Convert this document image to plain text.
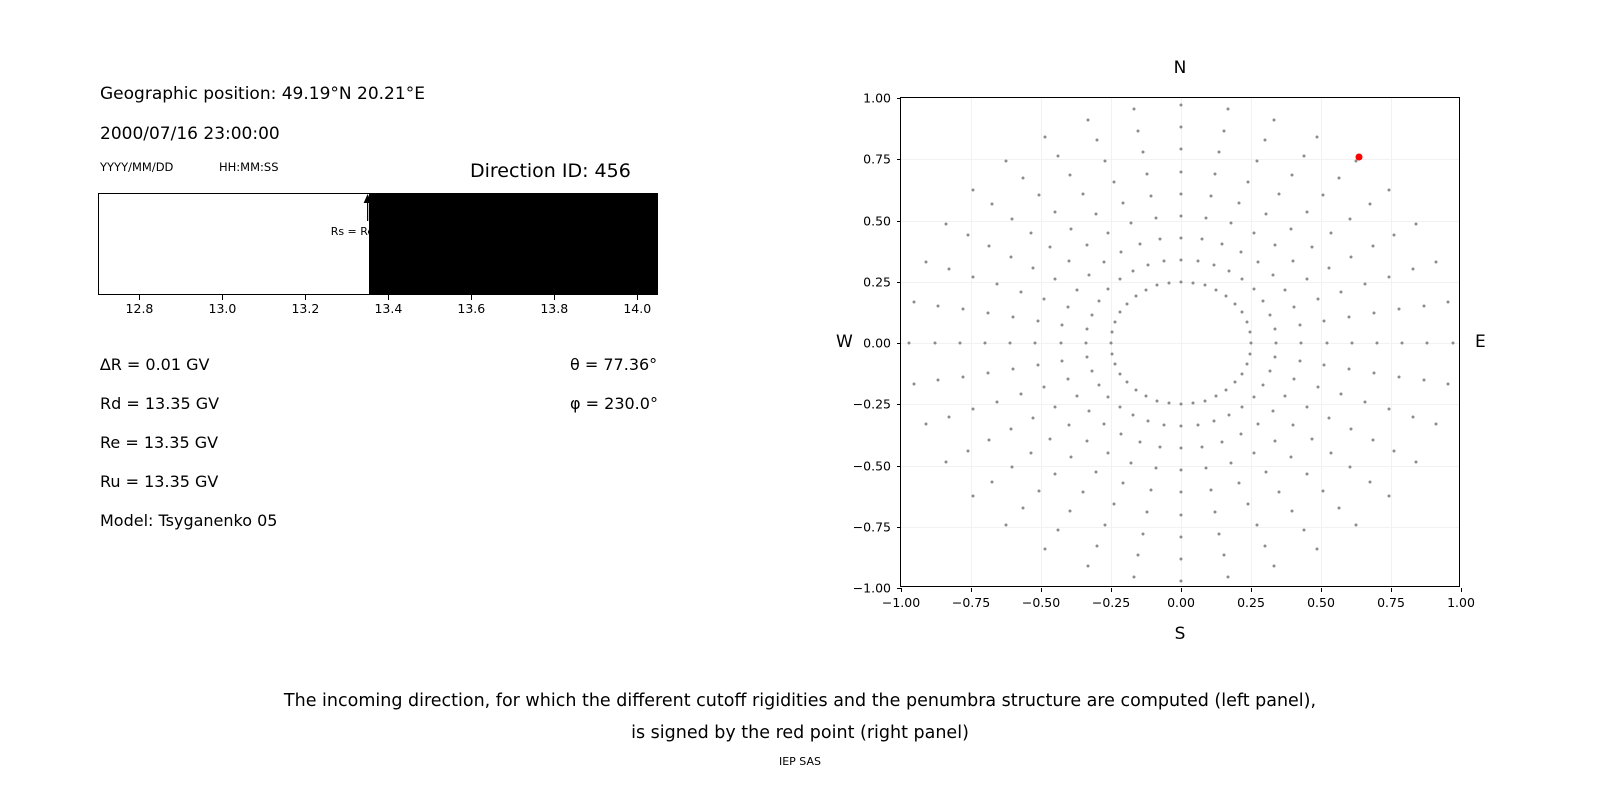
Geographic position: 49.19°N 20.21°E
2000/07/16 23:00:00
YYYY/MM/DD	HH:MM:SS	Direction ID: 456
12.8	13.0	13.2	13.4	13.6	13.8	14.0
Rs = Re = Rv
∆R = 0.01 GV
Rd = 13.35 GV
Re = 13.35 GV
Ru = 13.35 GV
Model: Tsyganenko 05
θ = 77.36°
φ = 230.0°
N
S
W	E
−1.00	−0.75	−0.50	−0.25	0.00	0.25	0.50	0.75	1.00
−1.00
−0.75
−0.50
−0.25
0.00
0.25
0.50
0.75
1.00
The incoming direction, for which the different cutoff rigidities and the penumbra structure are computed (left panel),
is signed by the red point (right panel)
IEP SAS
